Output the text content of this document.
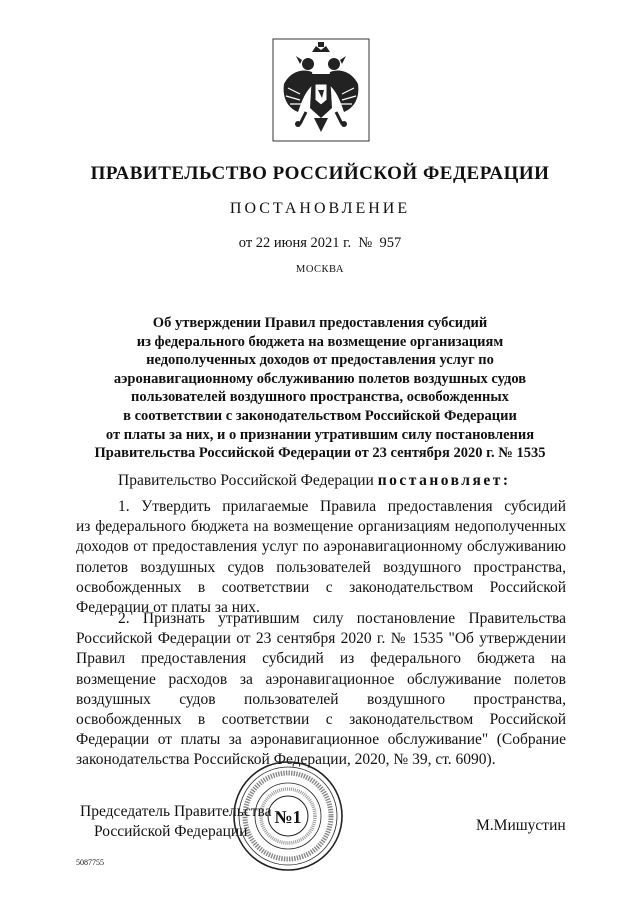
ПРАВИТЕЛЬСТВО РОССИЙСКОЙ ФЕДЕРАЦИИ
ПОСТАНОВЛЕНИЕ
от 22 июня 2021 г.  №  957
МОСКВА
Об утверждении Правил предоставления субсидий
из федерального бюджета на возмещение организациям
недополученных доходов от предоставления услуг по
аэронавигационному обслуживанию полетов воздушных судов
пользователей воздушного пространства, освобожденных
в соответствии с законодательством Российской Федерации
от платы за них, и о признании утратившим силу постановления
Правительства Российской Федерации от 23 сентября 2020 г. № 1535
Правительство Российской Федерации постановляет:
1. Утвердить прилагаемые Правила предоставления субсидий
из федерального бюджета на возмещение организациям недополученных
доходов от предоставления услуг по аэронавигационному обслуживанию
полетов воздушных судов пользователей воздушного пространства,
освобожденных в соответствии с законодательством Российской
Федерации от платы за них.
2. Признать утратившим силу постановление Правительства
Российской Федерации от 23 сентября 2020 г. № 1535 "Об утверждении
Правил предоставления субсидий из федерального бюджета на
возмещение расходов за аэронавигационное обслуживание полетов
воздушных судов пользователей воздушного пространства,
освобожденных в соответствии с законодательством Российской
Федерации от платы за аэронавигационное обслуживание" (Собрание
законодательства Российской Федерации, 2020, № 39, ст. 6090).
Председатель Правительства
Российской Федерации	М.Мишустин
5087755
№1
